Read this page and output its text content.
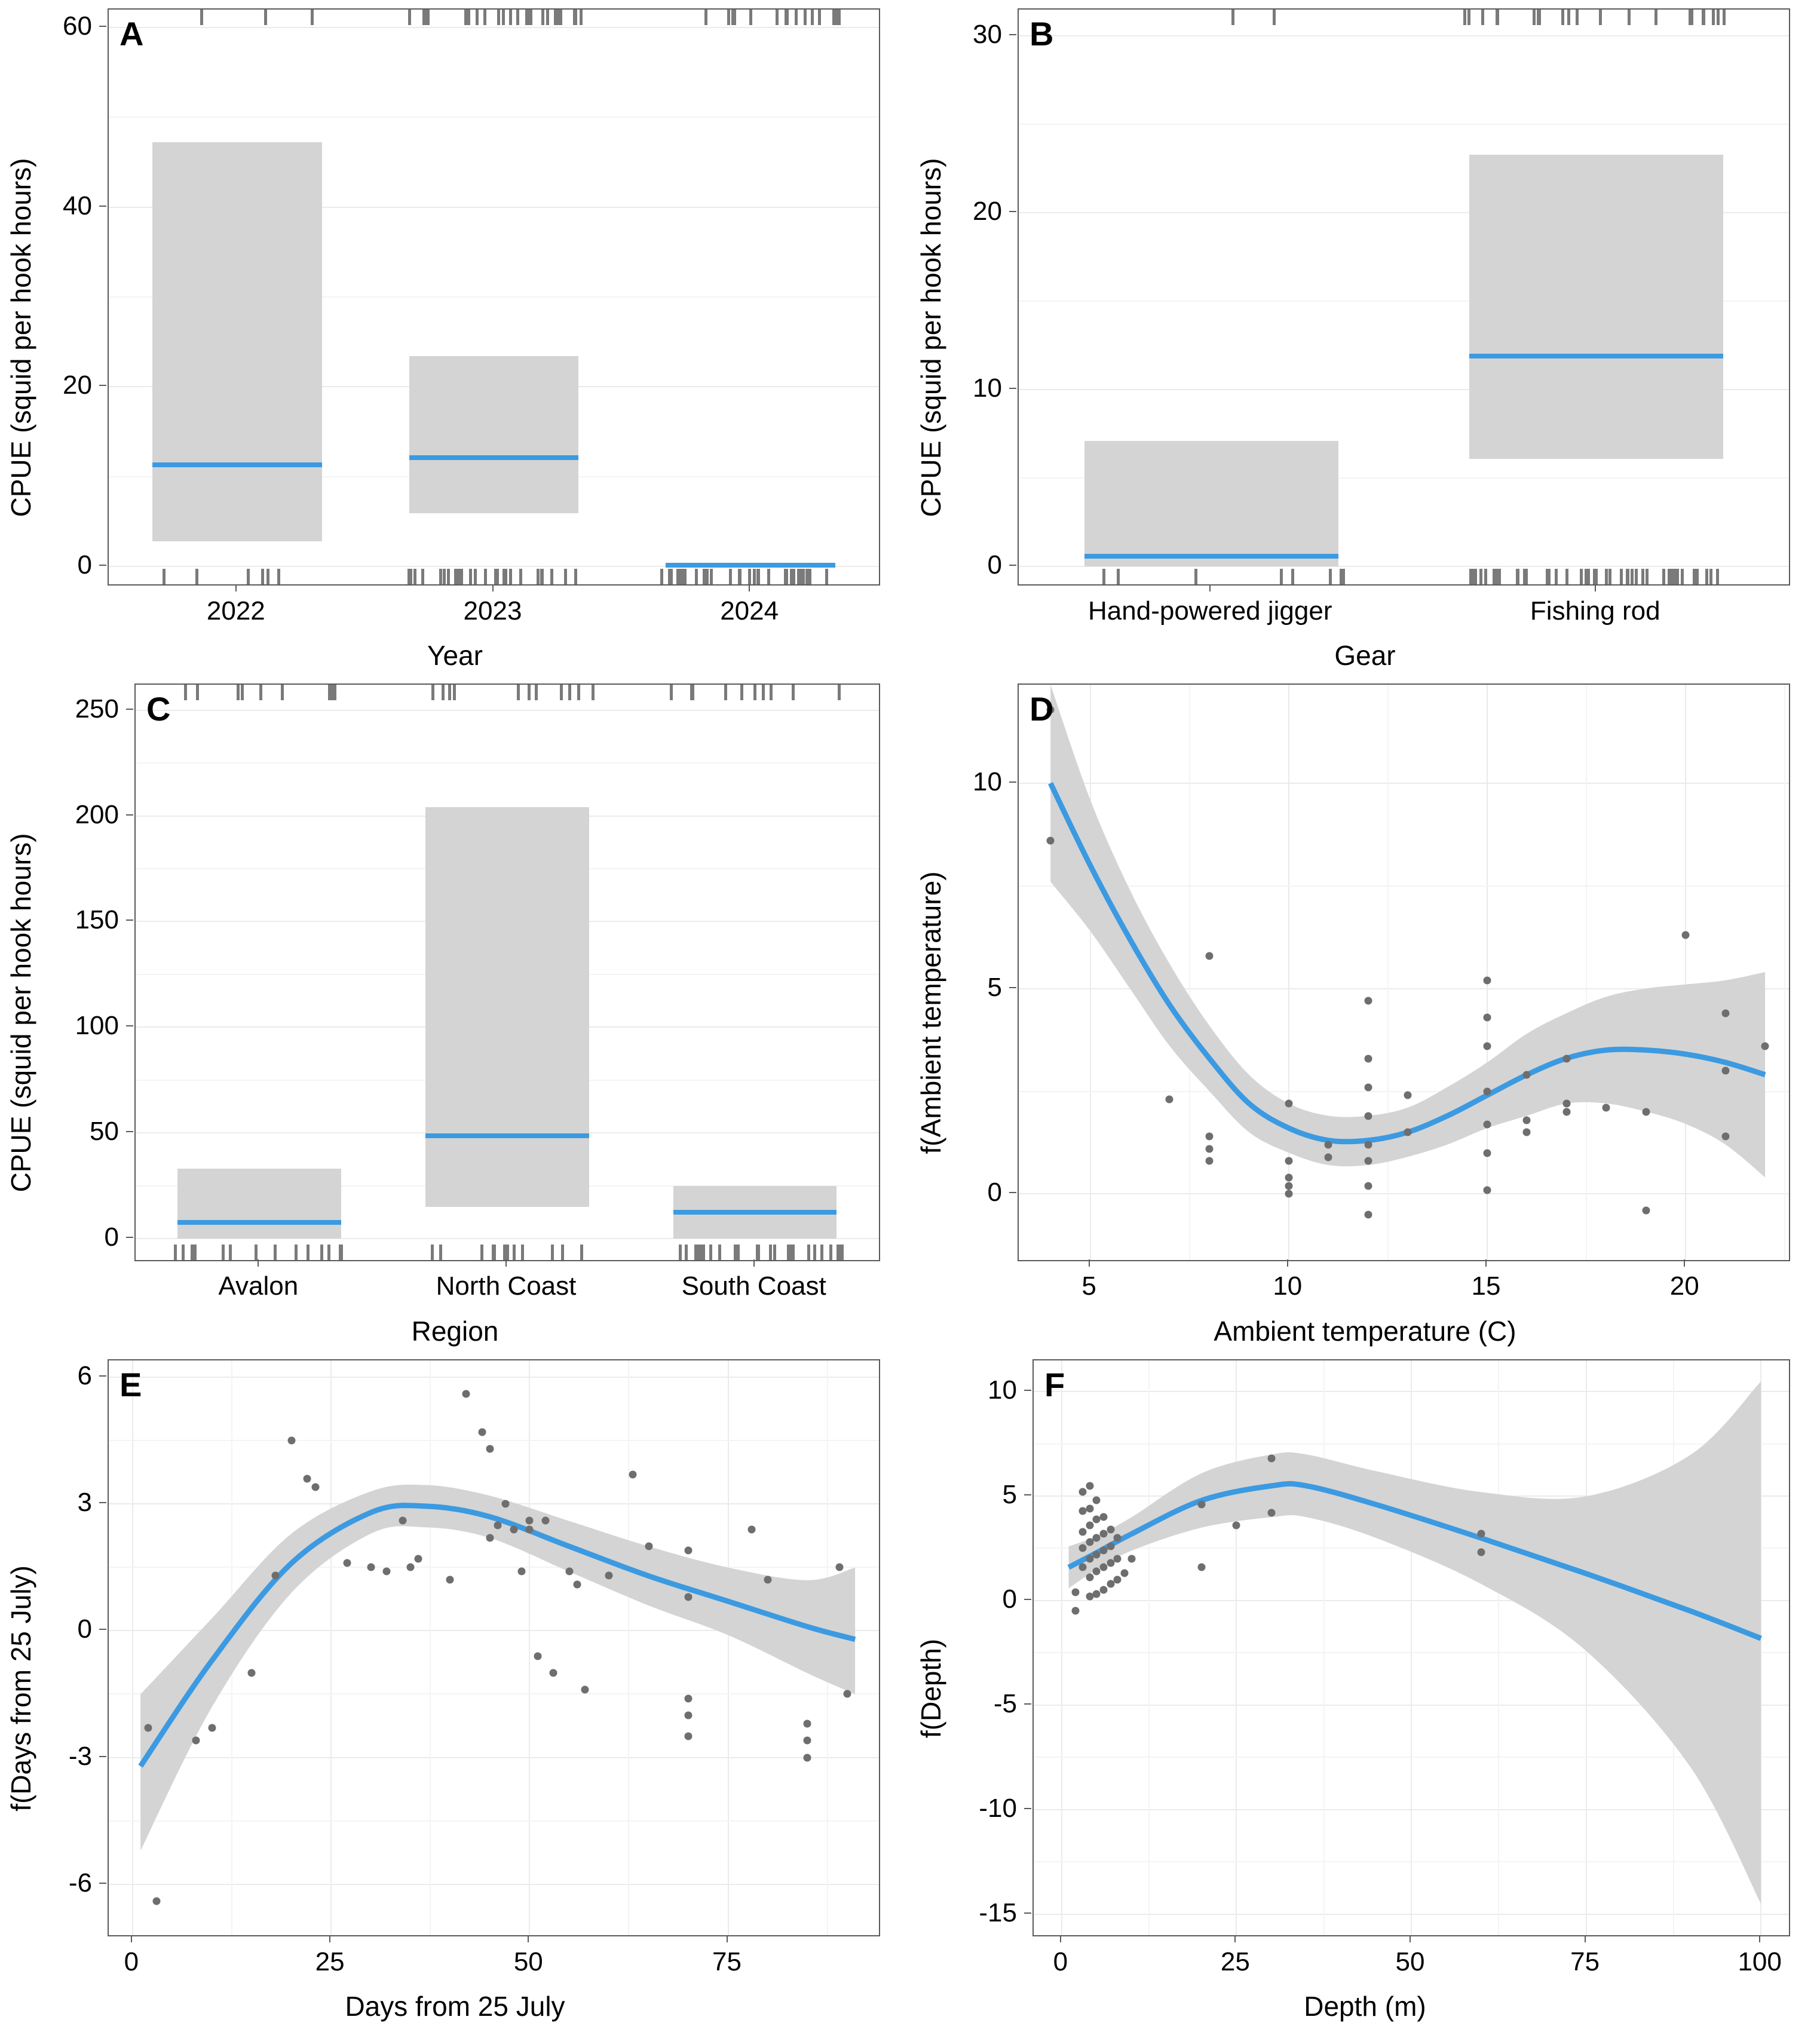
CPUE (squid per hook hours)
Year
A
0
20
40
60
2022	2023	2024
CPUE (squid per hook hours)
Gear
B
0
10
20
30
Hand-powered jigger	Fishing rod
CPUE (squid per hook hours)
Region
C
0
50
100
150
200
250
Avalon	North Coast	South Coast
f(Ambient temperature)
Ambient temperature (C)
D
0
5
10
5	10	15	20
f(Days from 25 July)
Days from 25 July
E
-6
-3
0
3
6
0	25	50	75
f(Depth)
Depth (m)
F
-15
-10
-5
0
5
10
0	25	50	75	100
